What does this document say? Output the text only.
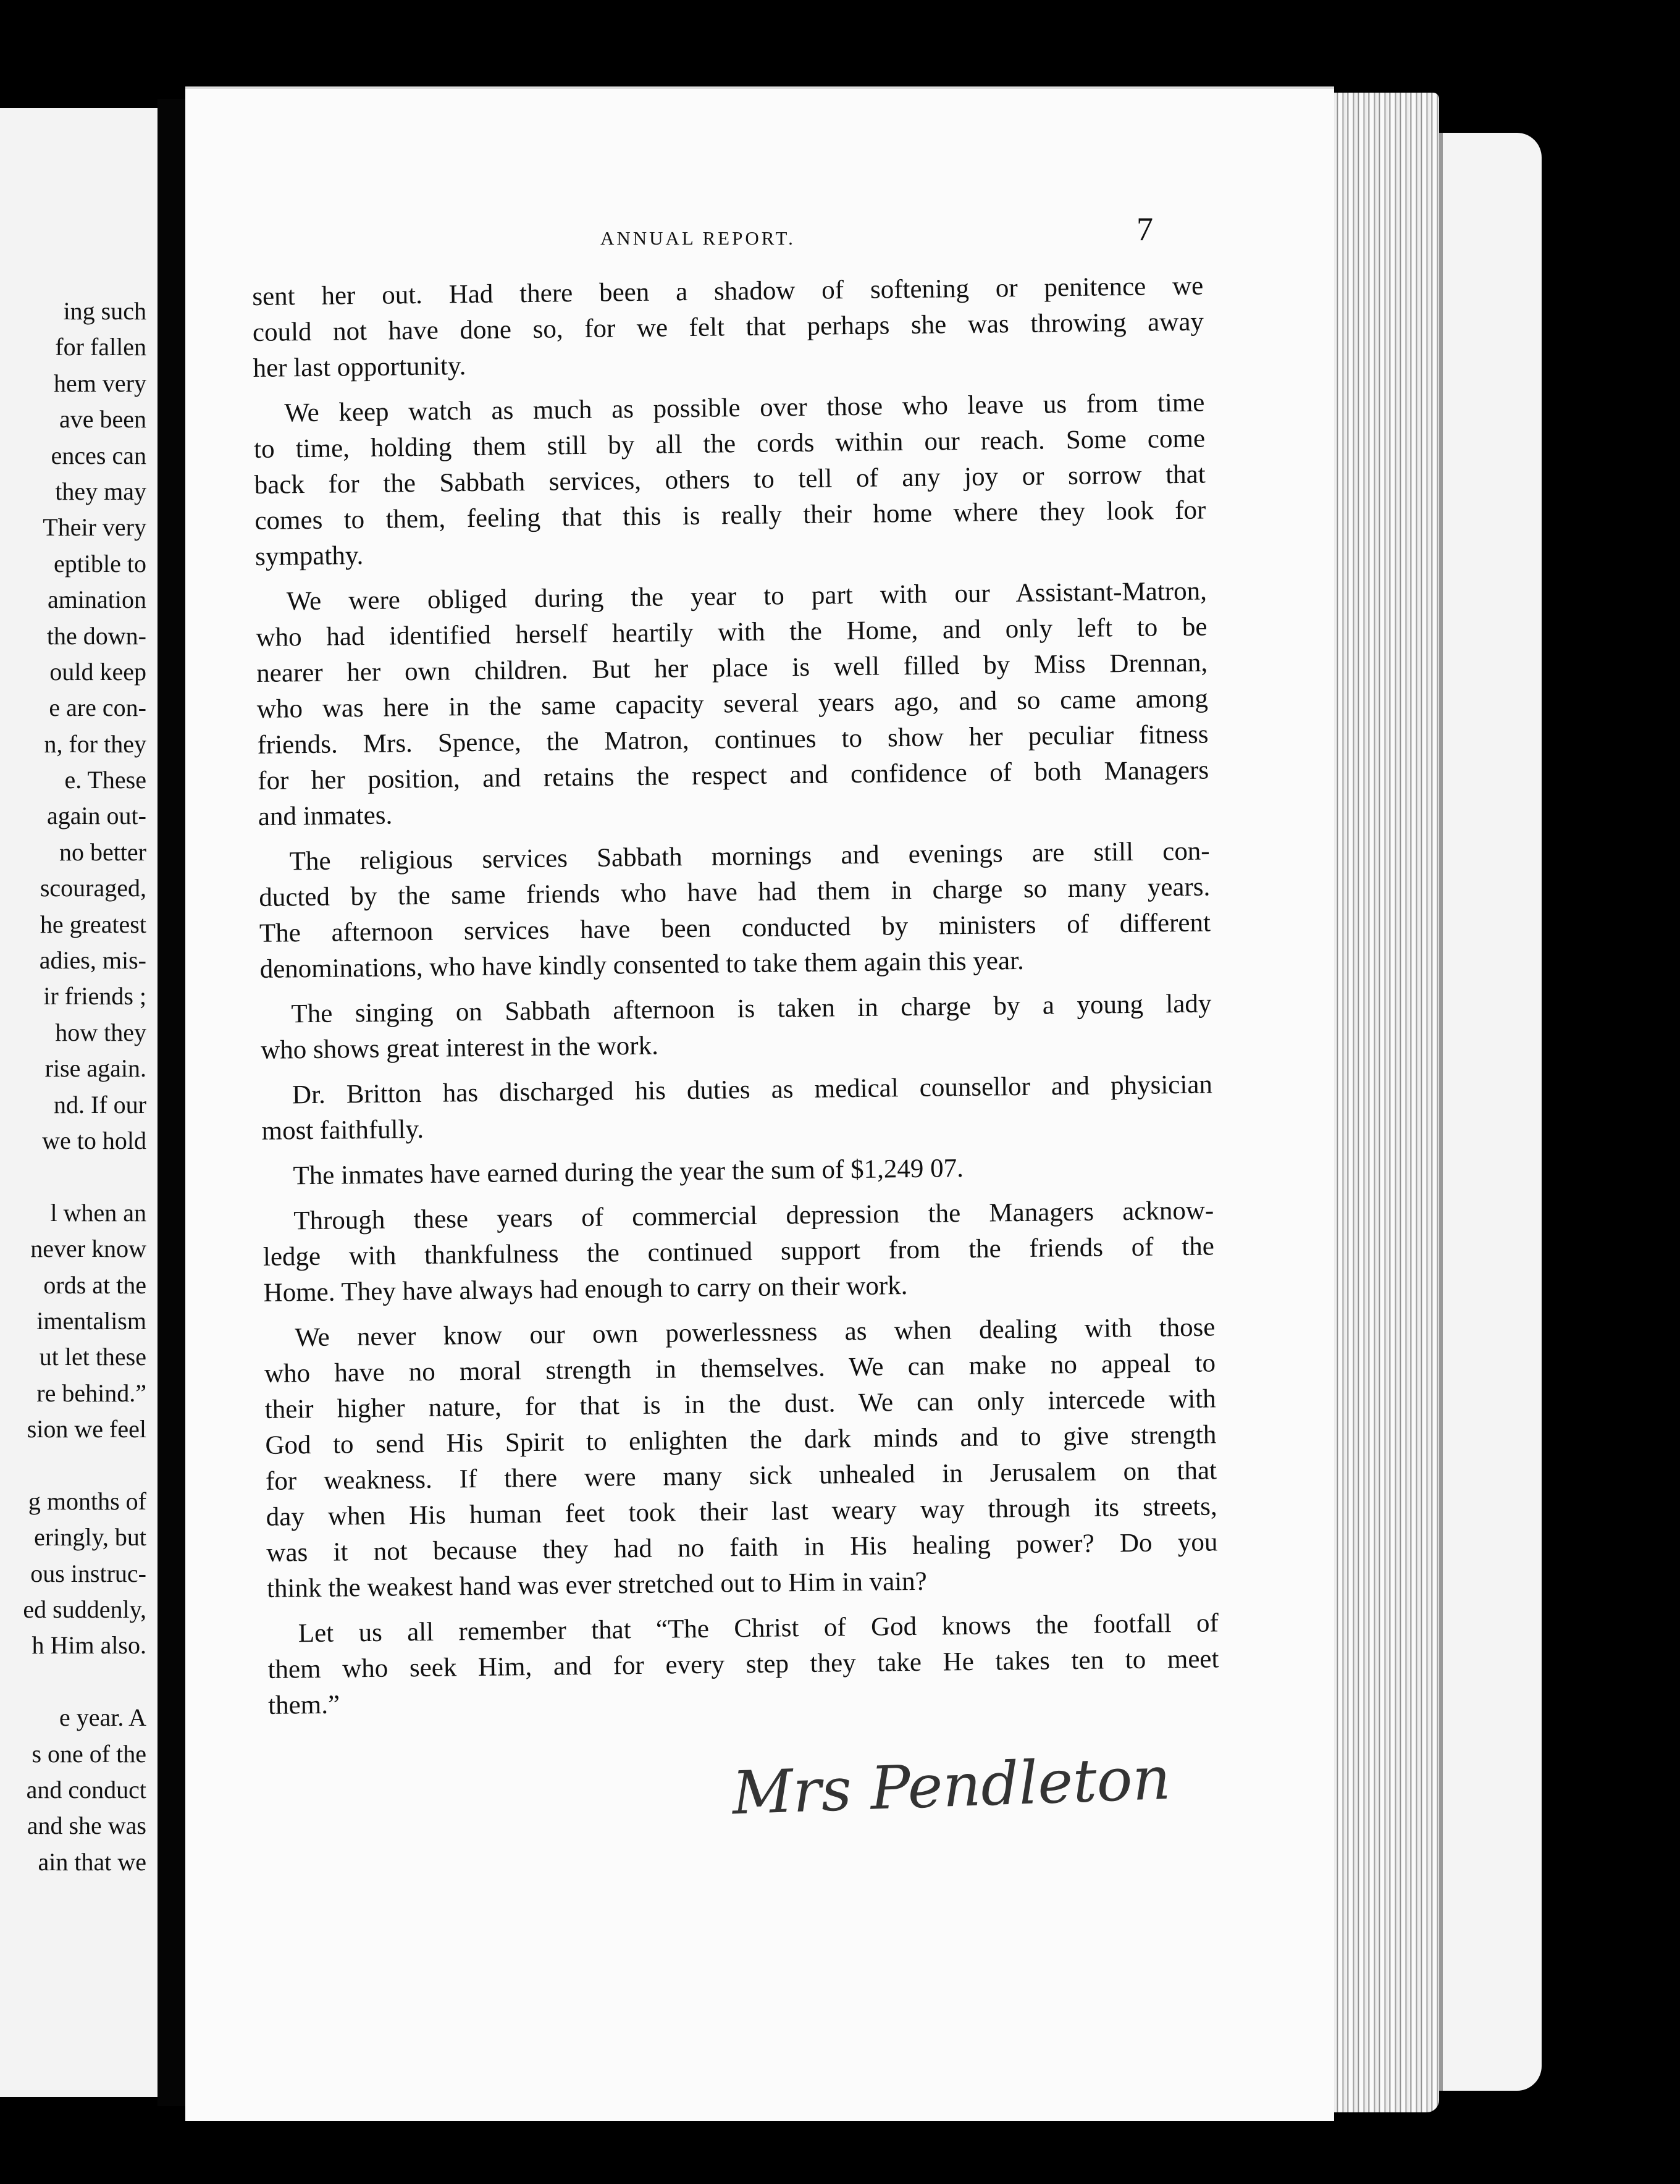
ing such
for fallen
hem very
ave been
ences can
they may
Their very
eptible to
amination
the down-
ould keep
e are con-
n, for they
e. These
again out-
no better
scouraged,
he greatest
adies, mis-
ir friends ;
how they
rise again.
nd. If our
we to hold
l when an
never know
ords at the
imentalism
ut let these
re behind.”
sion we feel
g months of
eringly, but
ous instruc-
ed suddenly,
h Him also.
e year. A
s one of the
and conduct
and she was
ain that we
ANNUAL REPORT.	7
sent her out. Had there been a shadow of softening or penitence we
could not have done so, for we felt that perhaps she was throwing away
her last opportunity.
We keep watch as much as possible over those who leave us from time
to time, holding them still by all the cords within our reach. Some come
back for the Sabbath services, others to tell of any joy or sorrow that
comes to them, feeling that this is really their home where they look for
sympathy.
We were obliged during the year to part with our Assistant-Matron,
who had identified herself heartily with the Home, and only left to be
nearer her own children. But her place is well filled by Miss Drennan,
who was here in the same capacity several years ago, and so came among
friends. Mrs. Spence, the Matron, continues to show her peculiar fitness
for her position, and retains the respect and confidence of both Managers
and inmates.
The religious services Sabbath mornings and evenings are still con-
ducted by the same friends who have had them in charge so many years.
The afternoon services have been conducted by ministers of different
denominations, who have kindly consented to take them again this year.
The singing on Sabbath afternoon is taken in charge by a young lady
who shows great interest in the work.
Dr. Britton has discharged his duties as medical counsellor and physician
most faithfully.
The inmates have earned during the year the sum of $1,249 07.
Through these years of commercial depression the Managers acknow-
ledge with thankfulness the continued support from the friends of the
Home. They have always had enough to carry on their work.
We never know our own powerlessness as when dealing with those
who have no moral strength in themselves. We can make no appeal to
their higher nature, for that is in the dust. We can only intercede with
God to send His Spirit to enlighten the dark minds and to give strength
for weakness. If there were many sick unhealed in Jerusalem on that
day when His human feet took their last weary way through its streets,
was it not because they had no faith in His healing power? Do you
think the weakest hand was ever stretched out to Him in vain?
Let us all remember that “The Christ of God knows the footfall of
them who seek Him, and for every step they take He takes ten to meet
them.”
